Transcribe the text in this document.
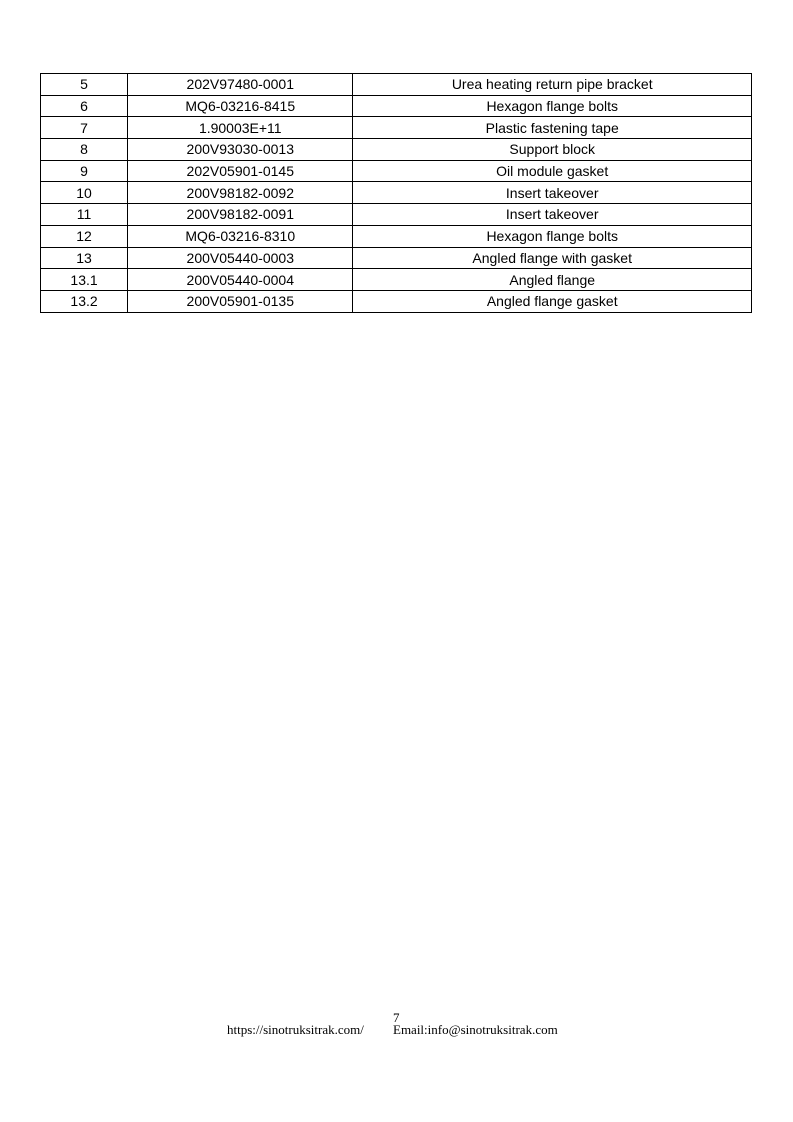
5	202V97480-0001	Urea heating return pipe bracket
6	MQ6-03216-8415	Hexagon flange bolts
7	1.90003E+11	Plastic fastening tape
8	200V93030-0013	Support block
9	202V05901-0145	Oil module gasket
10	200V98182-0092	Insert takeover
11	200V98182-0091	Insert takeover
12	MQ6-03216-8310	Hexagon flange bolts
13	200V05440-0003	Angled flange with gasket
13.1	200V05440-0004	Angled flange
13.2	200V05901-0135	Angled flange gasket
7
https://sinotruksitrak.com/ Email:info@sinotruksitrak.com
